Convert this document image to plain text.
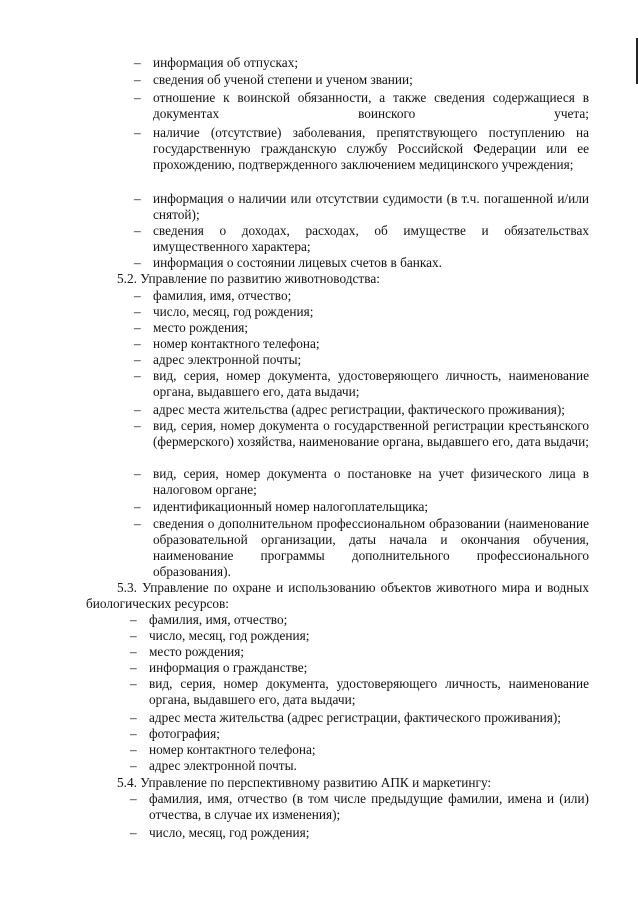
– информация об отпусках;
– сведения об ученой степени и ученом звании;
– отношение к воинской обязанности, а также сведения содержащиеся в документах воинского учета;
– наличие (отсутствие) заболевания, препятствующего поступлению на государственную гражданскую службу Российской Федерации или ее прохождению, подтвержденного заключением медицинского учреждения;
– информация о наличии или отсутствии судимости (в т.ч. погашенной и/или снятой);
– сведения о доходах, расходах, об имуществе и обязательствах имущественного характера;
– информация о состоянии лицевых счетов в банках.
5.2. Управление по развитию животноводства:
– фамилия, имя, отчество;
– число, месяц, год рождения;
– место рождения;
– номер контактного телефона;
– адрес электронной почты;
– вид, серия, номер документа, удостоверяющего личность, наименование органа, выдавшего его, дата выдачи;
– адрес места жительства (адрес регистрации, фактического проживания);
– вид, серия, номер документа о государственной регистрации крестьянского (фермерского) хозяйства, наименование органа, выдавшего его, дата выдачи;
– вид, серия, номер документа о постановке на учет физического лица в налоговом органе;
– идентификационный номер налогоплательщика;
– сведения о дополнительном профессиональном образовании (наименование образовательной организации, даты начала и окончания обучения, наименование программы дополнительного профессионального образования).
5.3. Управление по охране и использованию объектов животного мира и водных биологических ресурсов:
– фамилия, имя, отчество;
– число, месяц, год рождения;
– место рождения;
– информация о гражданстве;
– вид, серия, номер документа, удостоверяющего личность, наименование органа, выдавшего его, дата выдачи;
– адрес места жительства (адрес регистрации, фактического проживания);
– фотография;
– номер контактного телефона;
– адрес электронной почты.
5.4. Управление по перспективному развитию АПК и маркетингу:
– фамилия, имя, отчество (в том числе предыдущие фамилии, имена и (или) отчества, в случае их изменения);
– число, месяц, год рождения;
